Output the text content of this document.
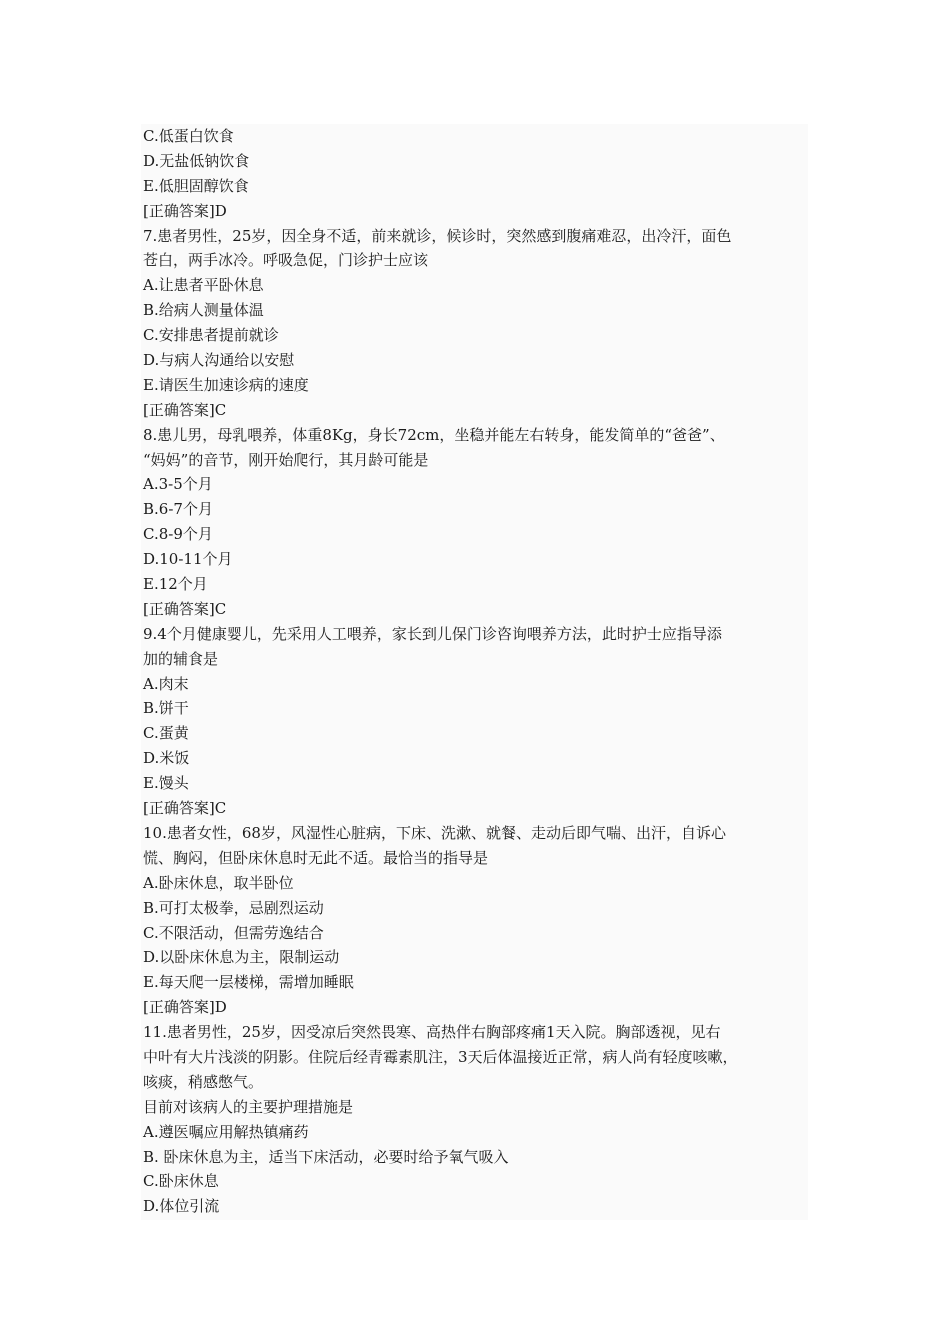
C.低蛋白饮食
D.无盐低钠饮食
E.低胆固醇饮食
[正确答案]D
7.患者男性，25岁，因全身不适，前来就诊，候诊时，突然感到腹痛难忍，出冷汗，面色
苍白，两手冰冷。呼吸急促，门诊护士应该
A.让患者平卧休息
B.给病人测量体温
C.安排患者提前就诊
D.与病人沟通给以安慰
E.请医生加速诊病的速度
[正确答案]C
8.患儿男，母乳喂养，体重8Kg，身长72cm，坐稳并能左右转身，能发简单的“爸爸”、
“妈妈”的音节，刚开始爬行，其月龄可能是
A.3-5个月
B.6-7个月
C.8-9个月
D.10-11个月
E.12个月
[正确答案]C
9.4个月健康婴儿，先采用人工喂养，家长到儿保门诊咨询喂养方法，此时护士应指导添
加的辅食是
A.肉末
B.饼干
C.蛋黄
D.米饭
E.馒头
[正确答案]C
10.患者女性，68岁，风湿性心脏病，下床、洗漱、就餐、走动后即气喘、出汗，自诉心
慌、胸闷，但卧床休息时无此不适。最恰当的指导是
A.卧床休息，取半卧位
B.可打太极拳，忌剧烈运动
C.不限活动，但需劳逸结合
D.以卧床休息为主，限制运动
E.每天爬一层楼梯，需增加睡眠
[正确答案]D
11.患者男性，25岁，因受凉后突然畏寒、高热伴右胸部疼痛1天入院。胸部透视，见右
中叶有大片浅淡的阴影。住院后经青霉素肌注，3天后体温接近正常，病人尚有轻度咳嗽，
咳痰，稍感憋气。
目前对该病人的主要护理措施是
A.遵医嘱应用解热镇痛药
B. 卧床休息为主，适当下床活动，必要时给予氧气吸入
C.卧床休息
D.体位引流
